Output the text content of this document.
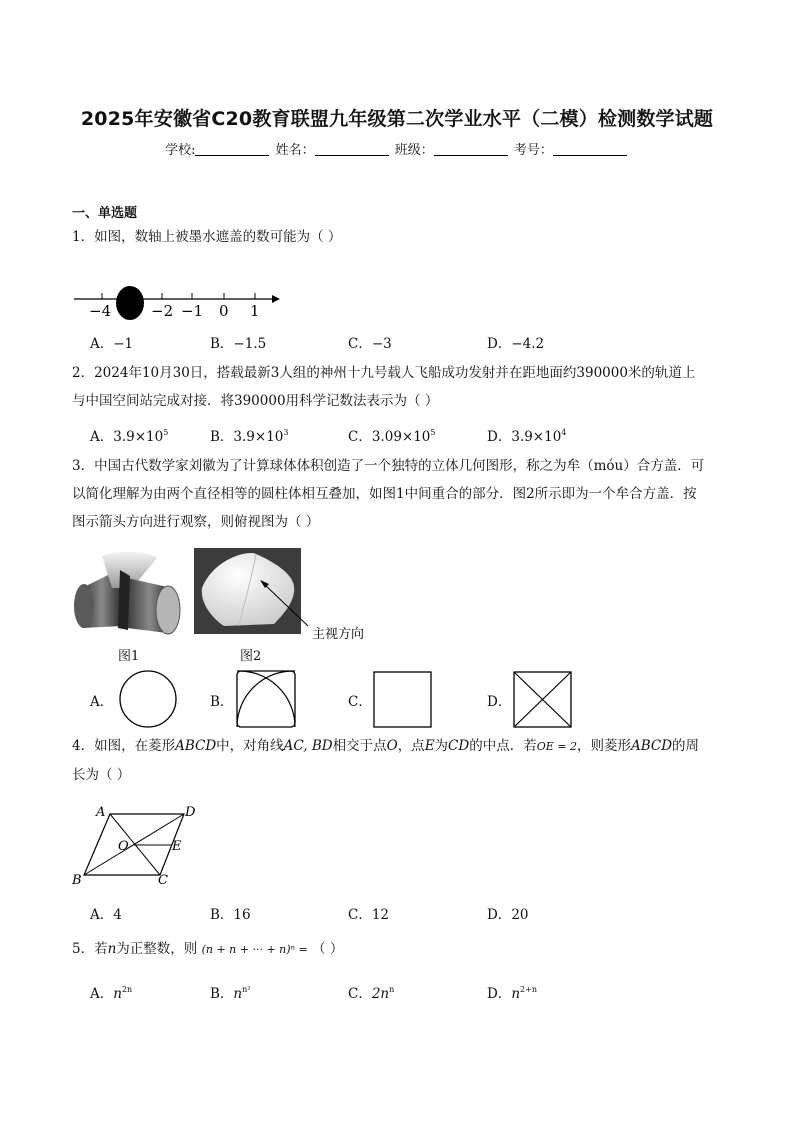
2025年安徽省C20教育联盟九年级第二次学业水平（二模）检测数学试题
学校:	姓名：	班级：	考号：
一、单选题
1．如图，数轴上被墨水遮盖的数可能为（ ）
−4	−2 −1 0 1
A．−1	B．−1.5	C．−3	D．−4.2
2．2024年10月30日，搭载最新3人组的神州十九号载人飞船成功发射并在距地面约390000米的轨道上
与中国空间站完成对接．将390000用科学记数法表示为（ ）
A．$3.9\times 10^5$	B．$3.9\times 10^3$	C．$3.09\times 10^5$	D．$3.9\times 10^4$
3．中国古代数学家刘徽为了计算球体体积创造了一个独特的立体几何图形，称之为牟（móu）合方盖．可
以简化理解为由两个直径相等的圆柱体相互叠加，如图1中间重合的部分．图2所示即为一个牟合方盖．按
图示箭头方向进行观察，则俯视图为（ ）
主视方向
图1	图2
A．	B．	C．	D．
4．如图，在菱形ABCD中，对角线AC, BD相交于点O，点E为CD的中点．若OE = 2，则菱形ABCD的周
长为（ ）
A	D
O	E
B	C
A．4	B．16	C．12	D．20
5．若n为正整数，则 (n + n + ··· + n)ⁿ = （ ）
A．$n^{2n}$	B．$n^{n^2}$	C．$2n^n$	D．$n^{2+n}$
